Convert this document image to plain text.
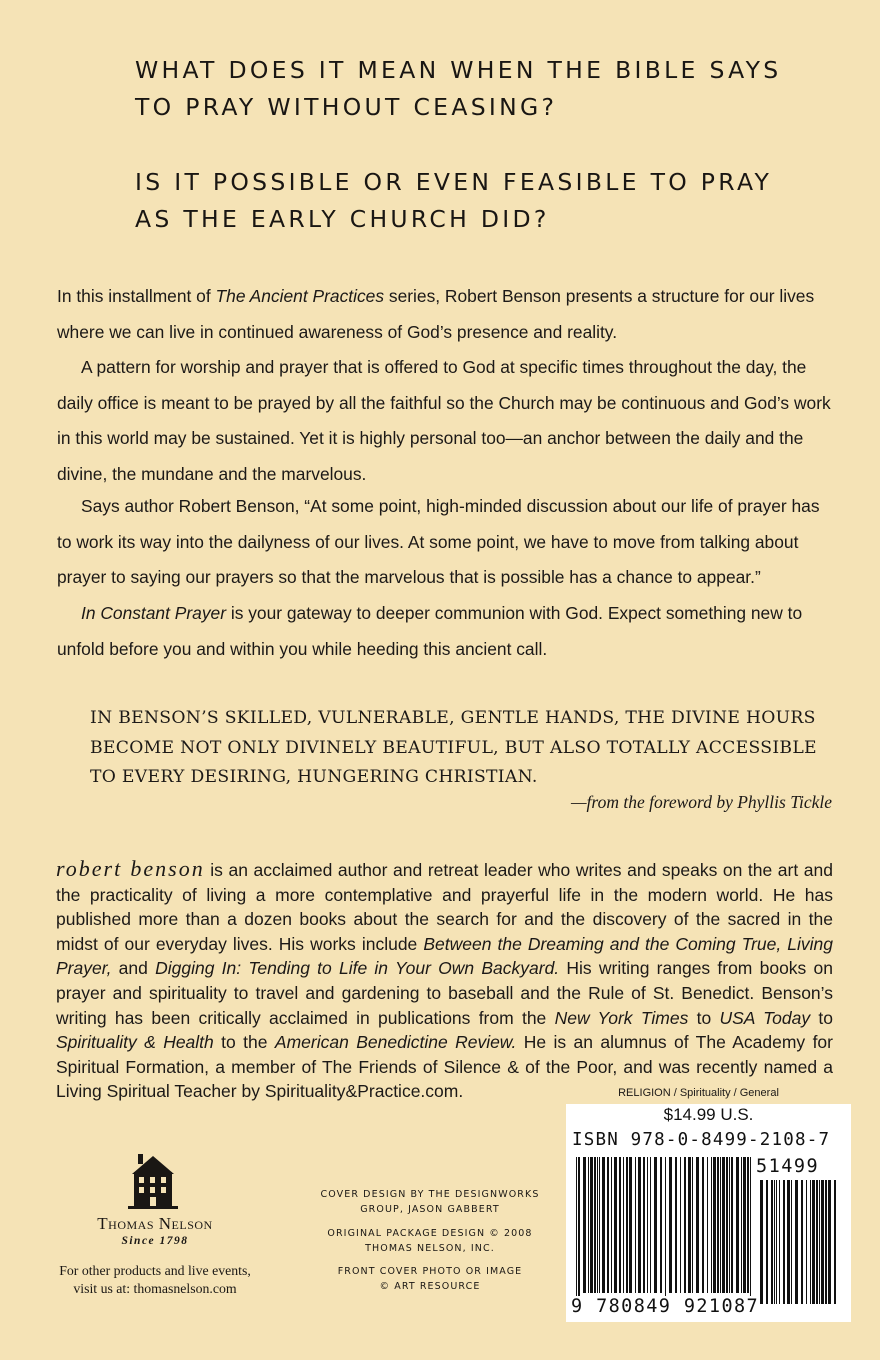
WHAT DOES IT MEAN WHEN THE BIBLE SAYS
TO PRAY WITHOUT CEASING?
IS IT POSSIBLE OR EVEN FEASIBLE TO PRAY
AS THE EARLY CHURCH DID?

In this installment of The Ancient Practices series, Robert Benson presents a structure for our lives where we can live in continued awareness of God’s presence and reality.

A pattern for worship and prayer that is offered to God at specific times throughout the day, the daily office is meant to be prayed by all the faithful so the Church may be continuous and God’s work in this world may be sustained. Yet it is highly personal too—an anchor between the daily and the divine, the mundane and the marvelous.

Says author Robert Benson, “At some point, high-minded discussion about our life of prayer has to work its way into the dailyness of our lives. At some point, we have to move from talking about prayer to saying our prayers so that the marvelous that is possible has a chance to appear.”

In Constant Prayer is your gateway to deeper communion with God. Expect something new to unfold before you and within you while heeding this ancient call.

IN BENSON’S SKILLED, VULNERABLE, GENTLE HANDS, THE DIVINE HOURS
BECOME NOT ONLY DIVINELY BEAUTIFUL, BUT ALSO TOTALLY ACCESSIBLE
TO EVERY DESIRING, HUNGERING CHRISTIAN.
—from the foreword by Phyllis Tickle

robert benson is an acclaimed author and retreat leader who writes and speaks on the art and the practicality of living a more contemplative and prayerful life in the modern world. He has published more than a dozen books about the search for and the discovery of the sacred in the midst of our everyday lives. His works include Between the Dreaming and the Coming True, Living Prayer, and Digging In: Tending to Life in Your Own Backyard. His writing ranges from books on prayer and spirituality to travel and gardening to baseball and the Rule of St. Benedict. Benson’s writing has been critically acclaimed in publications from the New York Times to USA Today to Spirituality & Health to the American Benedictine Review. He is an alumnus of The Academy for Spiritual Formation, a member of The Friends of Silence & of the Poor, and was recently named a Living Spiritual Teacher by Spirituality&Practice.com.

Thomas Nelson
Since 1798
For other products and live events,
visit us at: thomasnelson.com
COVER DESIGN BY THE DESIGNWORKS
GROUP, JASON GABBERT
ORIGINAL PACKAGE DESIGN © 2008
THOMAS NELSON, INC.
FRONT COVER PHOTO OR IMAGE
© ART RESOURCE
RELIGION / Spirituality / General
$14.99 U.S.
ISBN 978-0-8499-2108-7
51499
9 780849 921087
